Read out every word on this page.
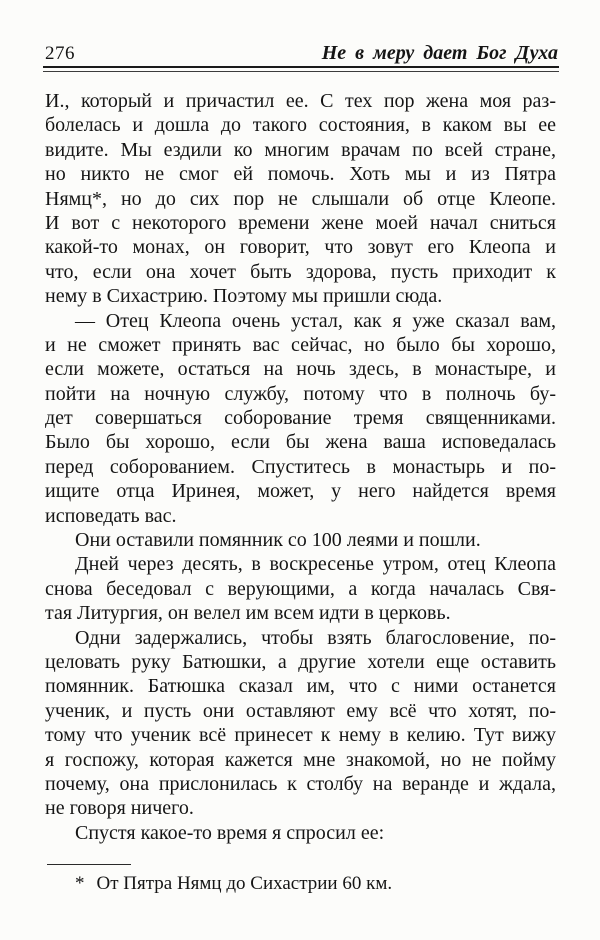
276	Не в меру дает Бог Духа
И., который и причастил ее. С тех пор жена моя раз-
болелась и дошла до такого состояния, в каком вы ее
видите. Мы ездили ко многим врачам по всей стране,
но никто не смог ей помочь. Хоть мы и из Пятра
Нямц*, но до сих пор не слышали об отце Клеопе.
И вот с некоторого времени жене моей начал сниться
какой-то монах, он говорит, что зовут его Клеопа и
что, если она хочет быть здорова, пусть приходит к
нему в Сихастрию. Поэтому мы пришли сюда.
— Отец Клеопа очень устал, как я уже сказал вам,
и не сможет принять вас сейчас, но было бы хорошо,
если можете, остаться на ночь здесь, в монастыре, и
пойти на ночную службу, потому что в полночь бу-
дет совершаться соборование тремя священниками.
Было бы хорошо, если бы жена ваша исповедалась
перед соборованием. Спуститесь в монастырь и по-
ищите отца Иринея, может, у него найдется время
исповедать вас.
Они оставили помянник со 100 леями и пошли.
Дней через десять, в воскресенье утром, отец Клеопа
снова беседовал с верующими, а когда началась Свя-
тая Литургия, он велел им всем идти в церковь.
Одни задержались, чтобы взять благословение, по-
целовать руку Батюшки, а другие хотели еще оставить
помянник. Батюшка сказал им, что с ними останется
ученик, и пусть они оставляют ему всё что хотят, по-
тому что ученик всё принесет к нему в келию. Тут вижу
я госпожу, которая кажется мне знакомой, но не пойму
почему, она прислонилась к столбу на веранде и ждала,
не говоря ничего.
Спустя какое-то время я спросил ее:
* От Пятра Нямц до Сихастрии 60 км.
